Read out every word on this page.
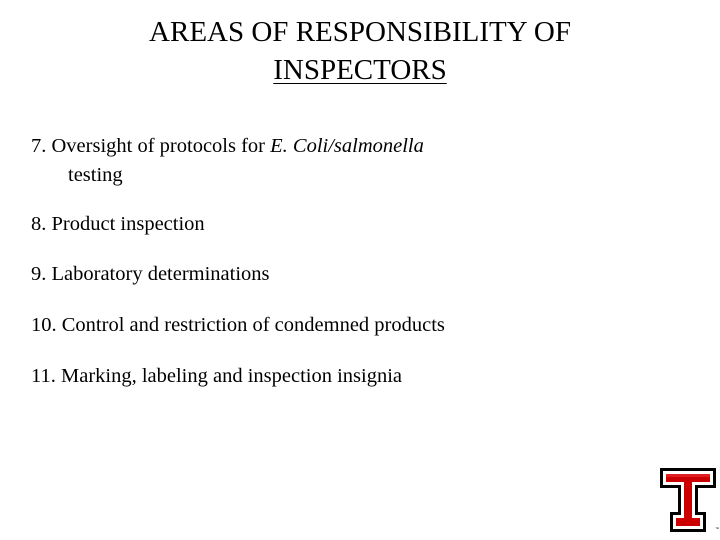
AREAS OF RESPONSIBILITY OF
INSPECTORS
7. Oversight of protocols for E. Coli/salmonella
testing
8. Product inspection
9. Laboratory determinations
10. Control and restriction of condemned products
11. Marking, labeling and inspection insignia
™
